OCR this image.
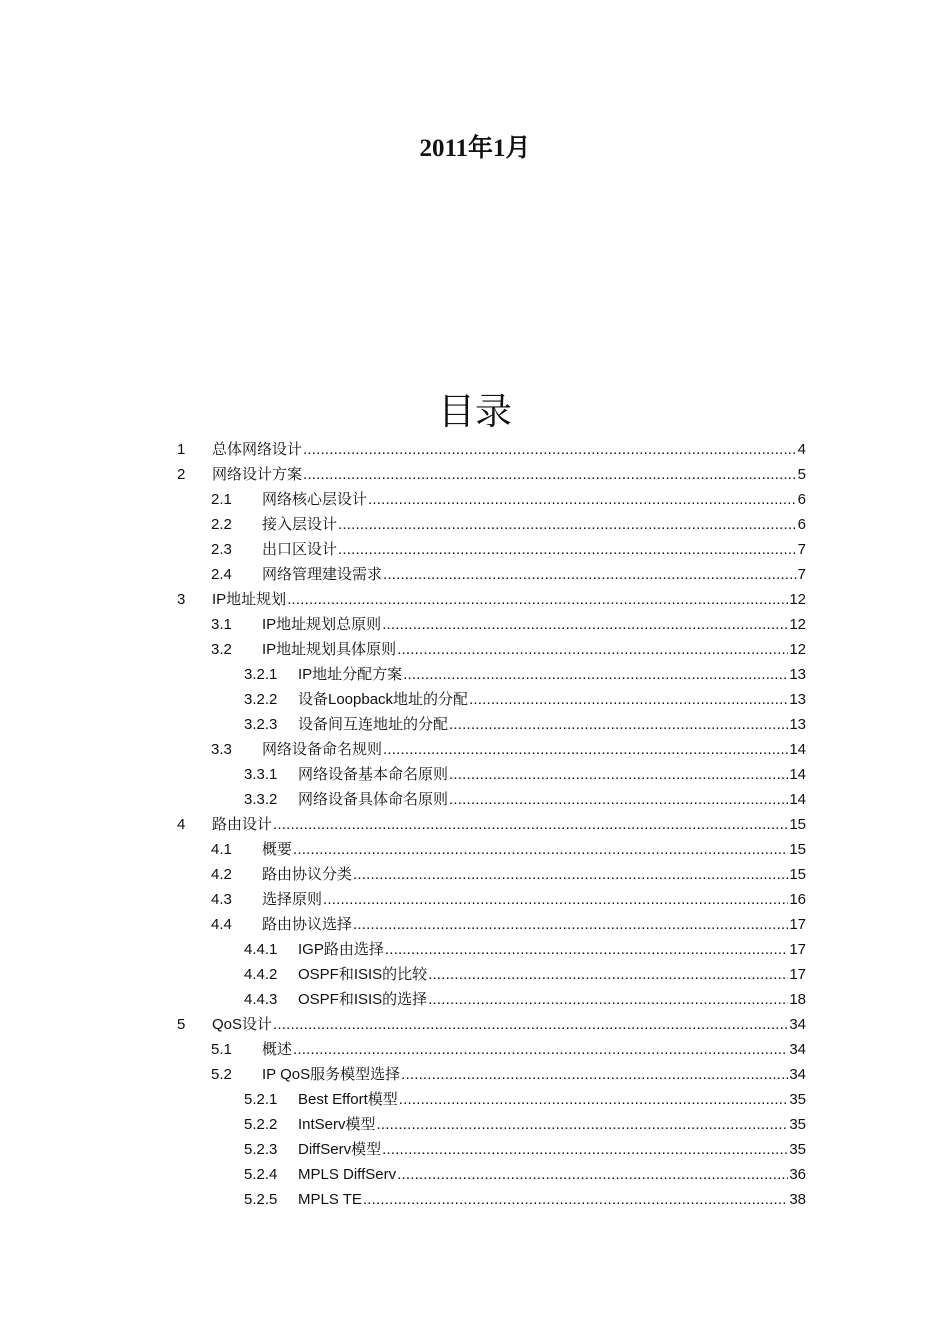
2011年1月
目录
1	总体网络设计 .....	4
2	网络设计方案 .....	5
2.1	网络核心层设计 .....	6
2.2	接入层设计 .....	6
2.3	出口区设计 .....	7
2.4	网络管理建设需求 .....	7
3	IP地址规划 .....	12
3.1	IP地址规划总原则 .....	12
3.2	IP地址规划具体原则 .....	12
3.2.1	IP地址分配方案 .....	13
3.2.2	设备Loopback地址的分配 .....	13
3.2.3	设备间互连地址的分配 .....	13
3.3	网络设备命名规则 .....	14
3.3.1	网络设备基本命名原则 .....	14
3.3.2	网络设备具体命名原则 .....	14
4	路由设计 .....	15
4.1	概要 .....	15
4.2	路由协议分类 .....	15
4.3	选择原则 .....	16
4.4	路由协议选择 .....	17
4.4.1	IGP路由选择 .....	17
4.4.2	OSPF和ISIS的比较 .....	17
4.4.3	OSPF和ISIS的选择 .....	18
5	QoS设计 .....	34
5.1	概述 .....	34
5.2	IP QoS服务模型选择 .....	34
5.2.1	Best Effort模型 .....	35
5.2.2	IntServ模型 .....	35
5.2.3	DiffServ模型 .....	35
5.2.4	MPLS DiffServ .....	36
5.2.5	MPLS TE .....	38
